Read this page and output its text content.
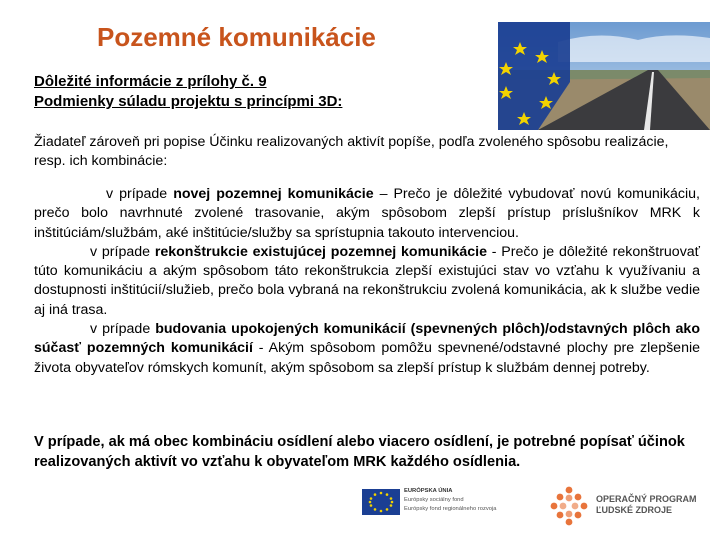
Pozemné komunikácie
Dôležité informácie z prílohy č. 9
Podmienky súladu projektu s princípmi 3D:
Žiadateľ zároveň pri popise Účinku realizovaných aktivít popíše, podľa zvoleného spôsobu realizácie, resp. ich kombinácie:

v prípade novej pozemnej komunikácie – Prečo je dôležité vybudovať novú komunikáciu, prečo bolo navrhnuté zvolené trasovanie, akým spôsobom zlepší prístup príslušníkov MRK k inštitúciám/službám, aké inštitúcie/služby sa sprístupnia takouto intervenciou.

v prípade rekonštrukcie existujúcej pozemnej komunikácie - Prečo je dôležité rekonštruovať túto komunikáciu a akým spôsobom táto rekonštrukcia zlepší existujúci stav vo vzťahu k využívaniu a dostupnosti inštitúcií/služieb, prečo bola vybraná na rekonštrukciu zvolená komunikácia, ak k službe vedie aj iná trasa.

v prípade budovania upokojených komunikácií (spevnených plôch)/odstavných plôch ako súčasť pozemných komunikácií - Akým spôsobom pomôžu spevnené/odstavné plochy pre zlepšenie života obyvateľov rómskych komunít, akým spôsobom sa zlepší prístup k službám dennej potreby.

V prípade, ak má obec kombináciu osídlení alebo viacero osídlení, je potrebné popísať účinok realizovaných aktivít vo vzťahu k obyvateľom MRK každého osídlenia.
EURÓPSKA ÚNIA
Európsky sociálny fond
Európsky fond regionálneho rozvoja
OPERAČNÝ PROGRAM
ĽUDSKÉ ZDROJE
